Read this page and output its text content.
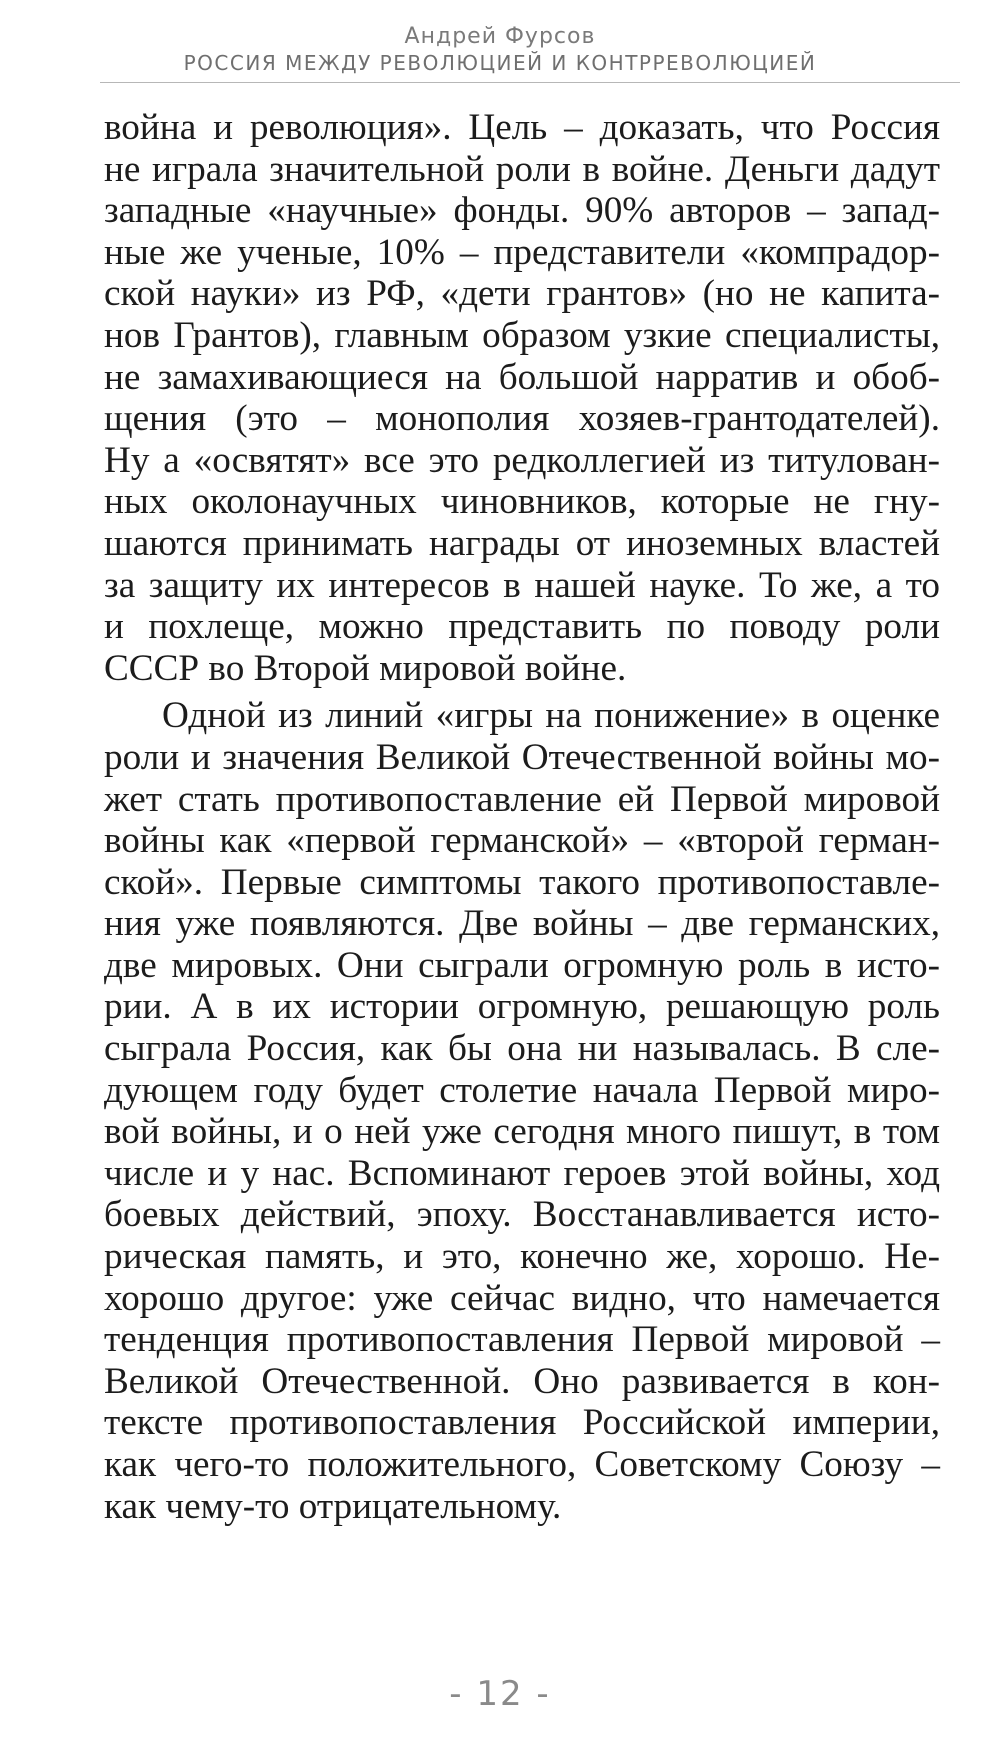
Андрей Фурсов
РОССИЯ МЕЖДУ РЕВОЛЮЦИЕЙ И КОНТРРЕВОЛЮЦИЕЙ
война и революция». Цель – доказать, что Россия
не играла значительной роли в войне. Деньги дадут
западные «научные» фонды. 90% авторов – запад-
ные же ученые, 10% – представители «компрадор-
ской науки» из РФ, «дети грантов» (но не капита-
нов Грантов), главным образом узкие специалисты,
не замахивающиеся на большой нарратив и обоб-
щения (это – монополия хозяев-грантодателей).
Ну а «освятят» все это редколлегией из титулован-
ных околонаучных чиновников, которые не гну-
шаются принимать награды от иноземных властей
за защиту их интересов в нашей науке. То же, а то
и похлеще, можно представить по поводу роли
СССР во Второй мировой войне.
Одной из линий «игры на понижение» в оценке
роли и значения Великой Отечественной войны мо-
жет стать противопоставление ей Первой мировой
войны как «первой германской» – «второй герман-
ской». Первые симптомы такого противопоставле-
ния уже появляются. Две войны – две германских,
две мировых. Они сыграли огромную роль в исто-
рии. А в их истории огромную, решающую роль
сыграла Россия, как бы она ни называлась. В сле-
дующем году будет столетие начала Первой миро-
вой войны, и о ней уже сегодня много пишут, в том
числе и у нас. Вспоминают героев этой войны, ход
боевых действий, эпоху. Восстанавливается исто-
рическая память, и это, конечно же, хорошо. Не-
хорошо другое: уже сейчас видно, что намечается
тенденция противопоставления Первой мировой –
Великой Отечественной. Оно развивается в кон-
тексте противопоставления Российской империи,
как чего-то положительного, Советскому Союзу –
как чему-то отрицательному.
- 12 -
